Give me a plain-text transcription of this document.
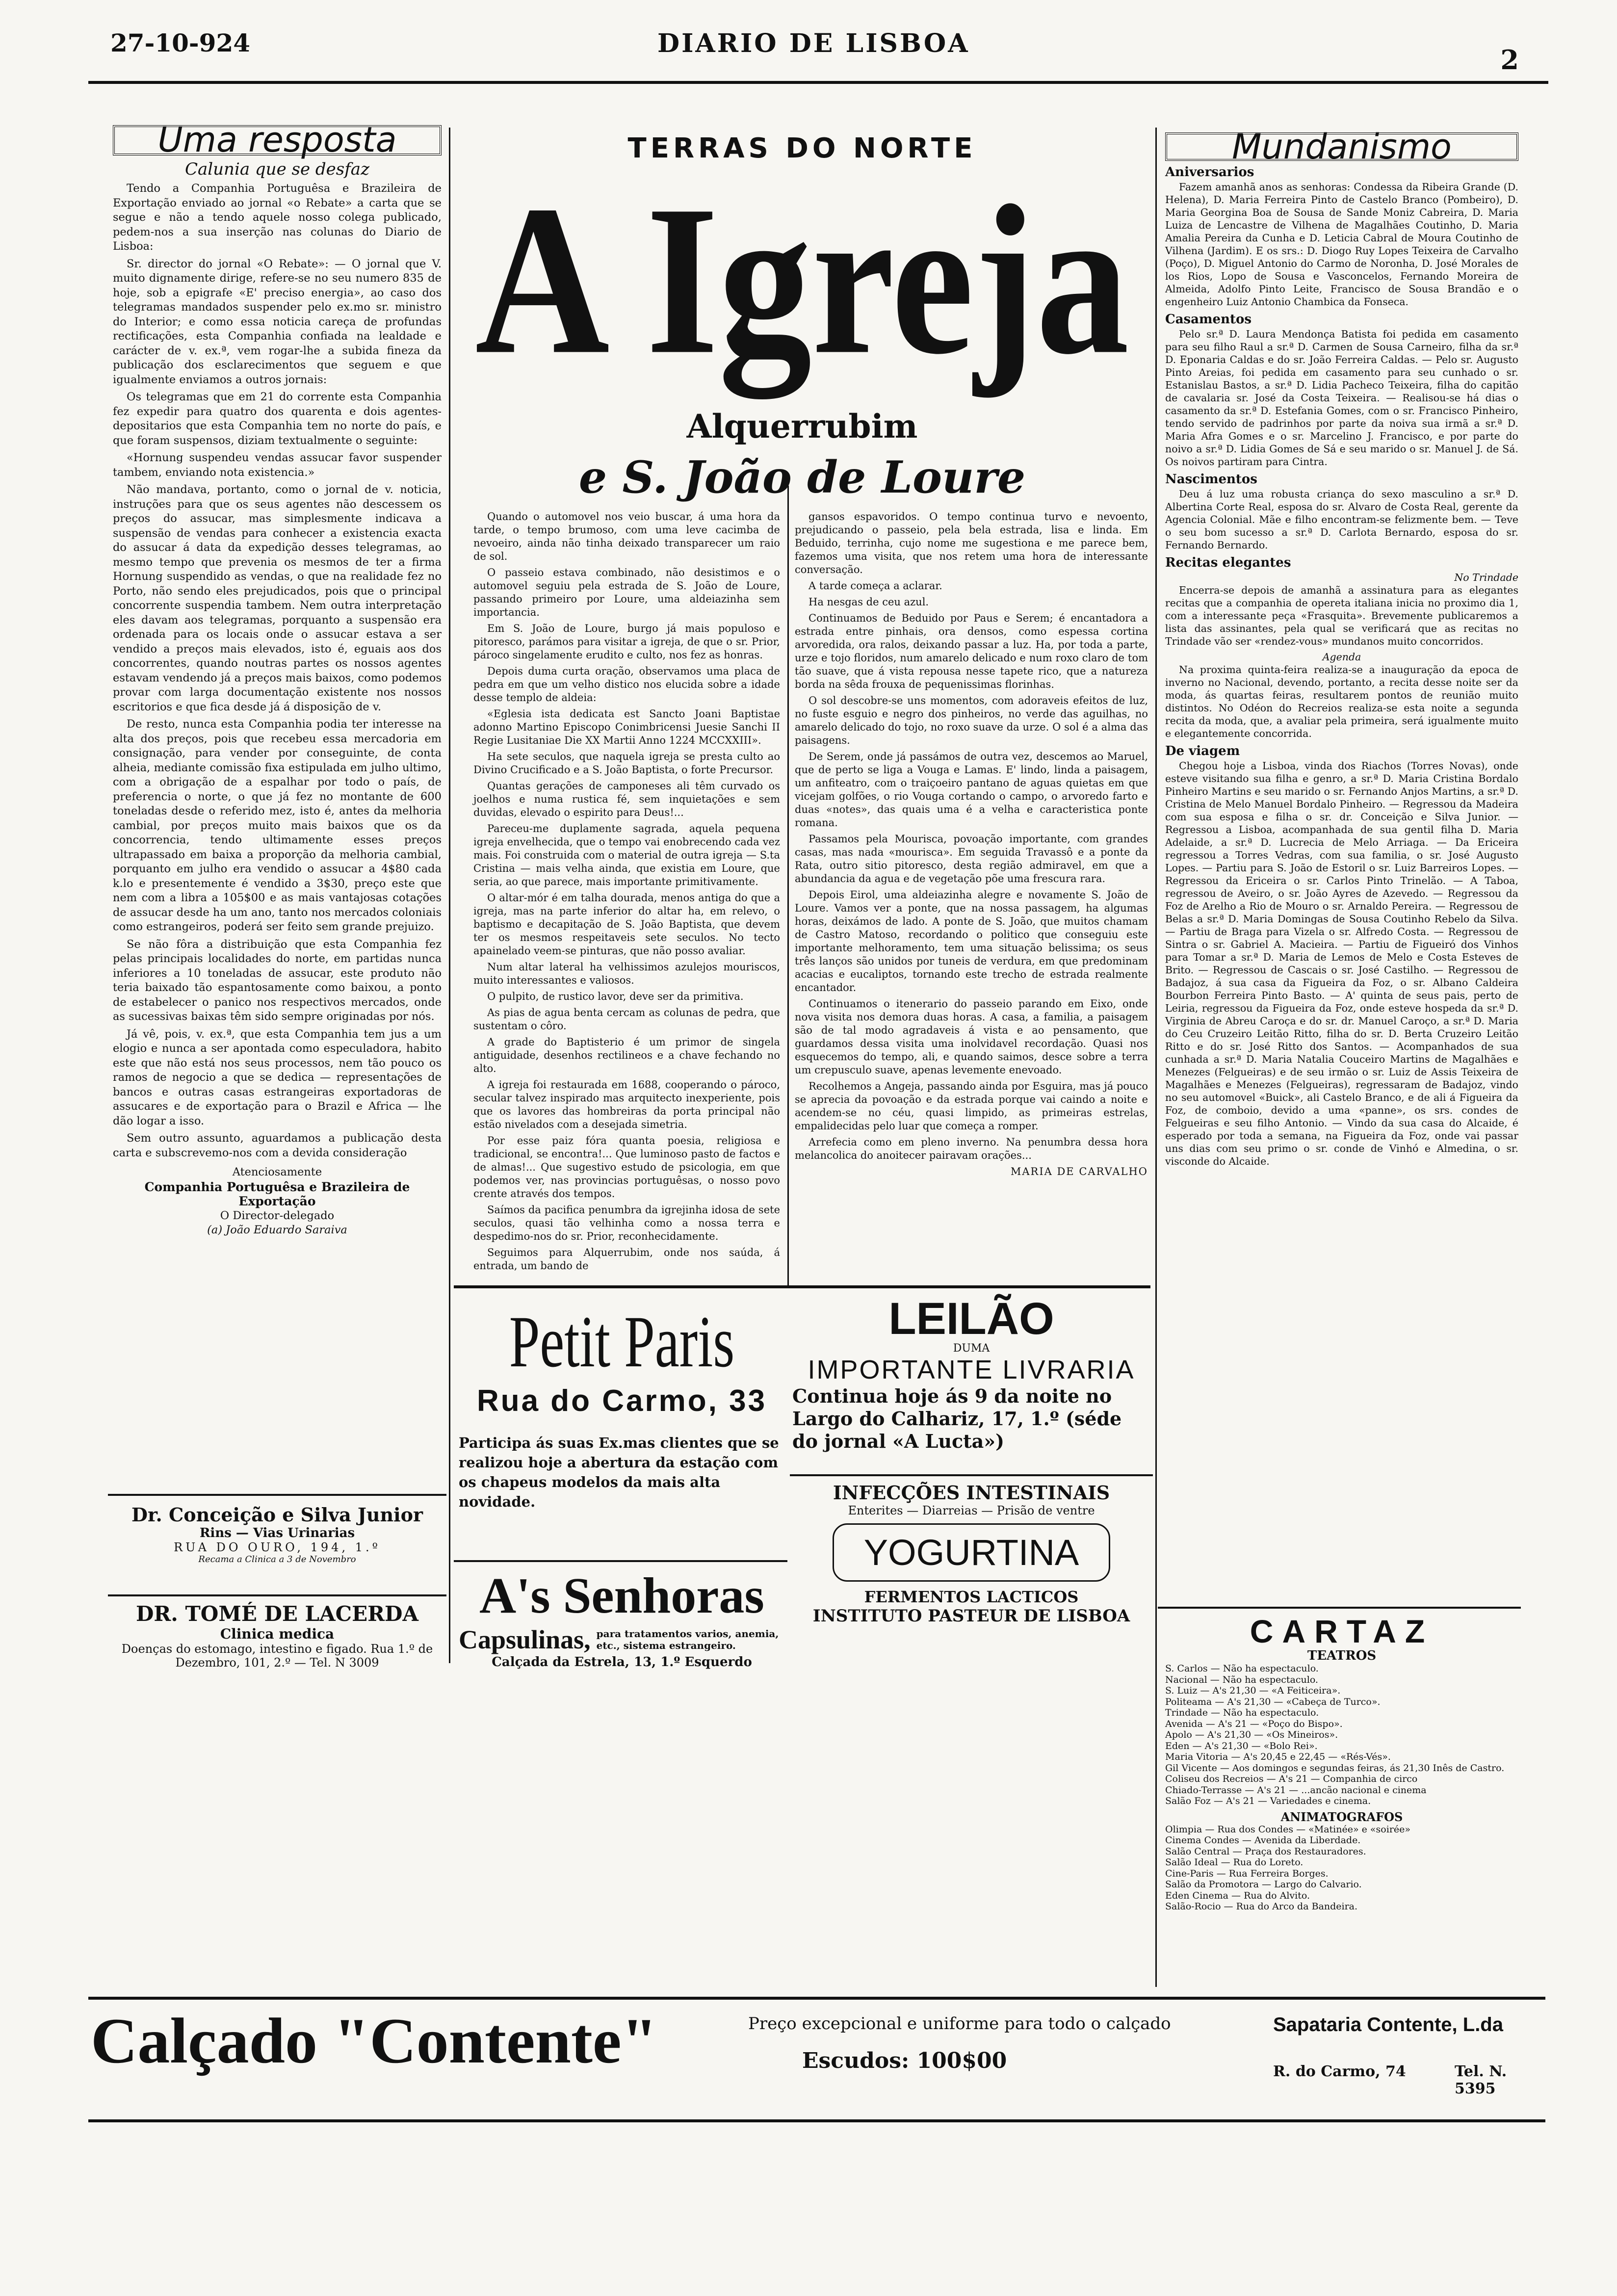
27-10-924	DIARIO DE LISBOA
2
Uma resposta
Calunia que se desfaz

Tendo a Companhia Portuguêsa e Brazileira de Exportação enviado ao jornal «o Rebate» a carta que se segue e não a tendo aquele nosso colega publicado, pedem-nos a sua inserção nas colunas do Diario de Lisboa:

Sr. director do jornal «O Rebate»: — O jornal que V. muito dignamente dirige, refere-se no seu numero 835 de hoje, sob a epigrafe «E' preciso energia», ao caso dos telegramas mandados suspender pelo ex.mo sr. ministro do Interior; e como essa noticia careça de profundas rectificações, esta Companhia confiada na lealdade e carácter de v. ex.ª, vem rogar-lhe a subida fineza da publicação dos esclarecimentos que seguem e que igualmente enviamos a outros jornais:

Os telegramas que em 21 do corrente esta Companhia fez expedir para quatro dos quarenta e dois agentes-depositarios que esta Companhia tem no norte do país, e que foram suspensos, diziam textualmente o seguinte:

«Hornung suspendeu vendas assucar favor suspender tambem, enviando nota existencia.»

Não mandava, portanto, como o jornal de v. noticia, instruções para que os seus agentes não descessem os preços do assucar, mas simplesmente indicava a suspensão de vendas para conhecer a existencia exacta do assucar á data da expedição desses telegramas, ao mesmo tempo que prevenia os mesmos de ter a firma Hornung suspendido as vendas, o que na realidade fez no Porto, não sendo eles prejudicados, pois que o principal concorrente suspendia tambem. Nem outra interpretação eles davam aos telegramas, porquanto a suspensão era ordenada para os locais onde o assucar estava a ser vendido a preços mais elevados, isto é, eguais aos dos concorrentes, quando noutras partes os nossos agentes estavam vendendo já a preços mais baixos, como podemos provar com larga documentação existente nos nossos escritorios e que fica desde já á disposição de v.

De resto, nunca esta Companhia podia ter interesse na alta dos preços, pois que recebeu essa mercadoria em consignação, para vender por conseguinte, de conta alheia, mediante comissão fixa estipulada em julho ultimo, com a obrigação de a espalhar por todo o país, de preferencia o norte, o que já fez no montante de 600 toneladas desde o referido mez, isto é, antes da melhoria cambial, por preços muito mais baixos que os da concorrencia, tendo ultimamente esses preços ultrapassado em baixa a proporção da melhoria cambial, porquanto em julho era vendido o assucar a 4$80 cada k.lo e presentemente é vendido a 3$30, preço este que nem com a libra a 105$00 e as mais vantajosas cotações de assucar desde ha um ano, tanto nos mercados coloniais como estrangeiros, poderá ser feito sem grande prejuizo.

Se não fôra a distribuição que esta Companhia fez pelas principais localidades do norte, em partidas nunca inferiores a 10 toneladas de assucar, este produto não teria baixado tão espantosamente como baixou, a ponto de estabelecer o panico nos respectivos mercados, onde as sucessivas baixas têm sido sempre originadas por nós.

Já vê, pois, v. ex.ª, que esta Companhia tem jus a um elogio e nunca a ser apontada como especuladora, habito este que não está nos seus processos, nem tão pouco os ramos de negocio a que se dedica — representações de bancos e outras casas estrangeiras exportadoras de assucares e de exportação para o Brazil e Africa — lhe dão logar a isso.

Sem outro assunto, aguardamos a publicação desta carta e subscrevemo-nos com a devida consideração

Atenciosamente
Companhia Portuguêsa e Brazileira de Exportação
O Director-delegado
(a) João Eduardo Saraiva
Dr. Conceição e Silva Junior
Rins — Vias Urinarias
RUA DO OURO, 194, 1.º
Recama a Clinica a 3 de Novembro
DR. TOMÉ DE LACERDA
Clinica medica
Doenças do estomago, intestino e figado. Rua 1.º de Dezembro, 101, 2.º — Tel. N 3009
TERRAS DO NORTE
A Igreja
Alquerrubim
e S. João de Loure

Quando o automovel nos veio buscar, á uma hora da tarde, o tempo brumoso, com uma leve cacimba de nevoeiro, ainda não tinha deixado transparecer um raio de sol.

O passeio estava combinado, não desistimos e o automovel seguiu pela estrada de S. João de Loure, passando primeiro por Loure, uma aldeiazinha sem importancia.

Em S. João de Loure, burgo já mais populoso e pitoresco, parámos para visitar a igreja, de que o sr. Prior, pároco singelamente erudito e culto, nos fez as honras.

Depois duma curta oração, observamos uma placa de pedra em que um velho distico nos elucida sobre a idade desse templo de aldeia:

«Eglesia ista dedicata est Sancto Joani Baptistae adonno Martino Episcopo Conimbricensi Juesie Sanchi II Regie Lusitaniae Die XX Martii Anno 1224 MCCXXIII».

Ha sete seculos, que naquela igreja se presta culto ao Divino Crucificado e a S. João Baptista, o forte Precursor.

Quantas gerações de camponeses ali têm curvado os joelhos e numa rustica fé, sem inquietações e sem duvidas, elevado o espirito para Deus!...

Pareceu-me duplamente sagrada, aquela pequena igreja envelhecida, que o tempo vai enobrecendo cada vez mais. Foi construida com o material de outra igreja — S.ta Cristina — mais velha ainda, que existia em Loure, que seria, ao que parece, mais importante primitivamente.

O altar-mór é em talha dourada, menos antiga do que a igreja, mas na parte inferior do altar ha, em relevo, o baptismo e decapitação de S. João Baptista, que devem ter os mesmos respeitaveis sete seculos. No tecto apainelado veem-se pinturas, que não posso avaliar.

Num altar lateral ha velhissimos azulejos mouriscos, muito interessantes e valiosos.

O pulpito, de rustico lavor, deve ser da primitiva.

As pias de agua benta cercam as colunas de pedra, que sustentam o côro.

A grade do Baptisterio é um primor de singela antiguidade, desenhos rectilineos e a chave fechando no alto.

A igreja foi restaurada em 1688, cooperando o pároco, secular talvez inspirado mas arquitecto inexperiente, pois que os lavores das hombreiras da porta principal não estão nivelados com a desejada simetria.

Por esse paiz fóra quanta poesia, religiosa e tradicional, se encontra!... Que luminoso pasto de factos e de almas!... Que sugestivo estudo de psicologia, em que podemos ver, nas provincias portuguêsas, o nosso povo crente através dos tempos.

Saímos da pacifica penumbra da igrejinha idosa de sete seculos, quasi tão velhinha como a nossa terra e despedimo-nos do sr. Prior, reconhecidamente.

Seguimos para Alquerrubim, onde nos saúda, á entrada, um bando de

gansos espavoridos. O tempo continua turvo e nevoento, prejudicando o passeio, pela bela estrada, lisa e linda. Em Beduido, terrinha, cujo nome me sugestiona e me parece bem, fazemos uma visita, que nos retem uma hora de interessante conversação.

A tarde começa a aclarar.

Ha nesgas de ceu azul.

Continuamos de Beduido por Paus e Serem; é encantadora a estrada entre pinhais, ora densos, como espessa cortina arvoredida, ora ralos, deixando passar a luz. Ha, por toda a parte, urze e tojo floridos, num amarelo delicado e num roxo claro de tom tão suave, que á vista repousa nesse tapete rico, que a natureza borda na sêda frouxa de pequenissimas florinhas.

O sol descobre-se uns momentos, com adoraveis efeitos de luz, no fuste esguio e negro dos pinheiros, no verde das aguilhas, no amarelo delicado do tojo, no roxo suave da urze. O sol é a alma das paisagens.

De Serem, onde já passámos de outra vez, descemos ao Maruel, que de perto se liga a Vouga e Lamas. E' lindo, linda a paisagem, um anfiteatro, com o traiçoeiro pantano de aguas quietas em que vicejam golfões, o rio Vouga cortando o campo, o arvoredo farto e duas «notes», das quais uma é a velha e caracteristica ponte romana.

Passamos pela Mourisca, povoação importante, com grandes casas, mas nada «mourisca». Em seguida Travassô e a ponte da Rata, outro sitio pitoresco, desta região admiravel, em que a abundancia da agua e de vegetação põe uma frescura rara.

Depois Eirol, uma aldeiazinha alegre e novamente S. João de Loure. Vamos ver a ponte, que na nossa passagem, ha algumas horas, deixámos de lado. A ponte de S. João, que muitos chamam de Castro Matoso, recordando o politico que conseguiu este importante melhoramento, tem uma situação belissima; os seus três lanços são unidos por tuneis de verdura, em que predominam acacias e eucaliptos, tornando este trecho de estrada realmente encantador.

Continuamos o itenerario do passeio parando em Eixo, onde nova visita nos demora duas horas. A casa, a familia, a paisagem são de tal modo agradaveis á vista e ao pensamento, que guardamos dessa visita uma inolvidavel recordação. Quasi nos esquecemos do tempo, ali, e quando saimos, desce sobre a terra um crepusculo suave, apenas levemente enevoado.

Recolhemos a Angeja, passando ainda por Esguira, mas já pouco se aprecia da povoação e da estrada porque vai caindo a noite e acendem-se no céu, quasi limpido, as primeiras estrelas, empalidecidas pelo luar que começa a romper.

Arrefecia como em pleno inverno. Na penumbra dessa hora melancolica do anoitecer pairavam orações...

MARIA DE CARVALHO
Petit Paris
Rua do Carmo, 33
Participa ás suas Ex.mas clientes que se realizou hoje a abertura da estação com os chapeus modelos da mais alta novidade.
A's Senhoras
Capsulinas, para tratamentos varios, anemia, etc., sistema estrangeiro.
Calçada da Estrela, 13, 1.º Esquerdo
LEILÃO
DUMA
IMPORTANTE LIVRARIA
Continua hoje ás 9 da noite no Largo do Calhariz, 17, 1.º (séde do jornal «A Lucta»)
INFECÇÕES INTESTINAIS
Enterites — Diarreias — Prisão de ventre
YOGURTINA
FERMENTOS LACTICOS
INSTITUTO PASTEUR DE LISBOA
Mundanismo
Aniversarios

Fazem amanhã anos as senhoras: Condessa da Ribeira Grande (D. Helena), D. Maria Ferreira Pinto de Castelo Branco (Pombeiro), D. Maria Georgina Boa de Sousa de Sande Moniz Cabreira, D. Maria Luiza de Lencastre de Vilhena de Magalhães Coutinho, D. Maria Amalia Pereira da Cunha e D. Leticia Cabral de Moura Coutinho de Vilhena (Jardim). E os srs.: D. Diogo Ruy Lopes Teixeira de Carvalho (Poço), D. Miguel Antonio do Carmo de Noronha, D. José Morales de los Rios, Lopo de Sousa e Vasconcelos, Fernando Moreira de Almeida, Adolfo Pinto Leite, Francisco de Sousa Brandão e o engenheiro Luiz Antonio Chambica da Fonseca.

Casamentos

Pelo sr.ª D. Laura Mendonça Batista foi pedida em casamento para seu filho Raul a sr.ª D. Carmen de Sousa Carneiro, filha da sr.ª D. Eponaria Caldas e do sr. João Ferreira Caldas. — Pelo sr. Augusto Pinto Areias, foi pedida em casamento para seu cunhado o sr. Estanislau Bastos, a sr.ª D. Lidia Pacheco Teixeira, filha do capitão de cavalaria sr. José da Costa Teixeira. — Realisou-se há dias o casamento da sr.ª D. Estefania Gomes, com o sr. Francisco Pinheiro, tendo servido de padrinhos por parte da noiva sua irmã a sr.ª D. Maria Afra Gomes e o sr. Marcelino J. Francisco, e por parte do noivo a sr.ª D. Lidia Gomes de Sá e seu marido o sr. Manuel J. de Sá. Os noivos partiram para Cintra.

Nascimentos

Deu á luz uma robusta criança do sexo masculino a sr.ª D. Albertina Corte Real, esposa do sr. Alvaro de Costa Real, gerente da Agencia Colonial. Mãe e filho encontram-se felizmente bem. — Teve o seu bom sucesso a sr.ª D. Carlota Bernardo, esposa do sr. Fernando Bernardo.

Recitas elegantes
No Trindade

Encerra-se depois de amanhã a assinatura para as elegantes recitas que a companhia de opereta italiana inicia no proximo dia 1, com a interessante peça «Frasquita». Brevemente publicaremos a lista das assinantes, pela qual se verificará que as recitas no Trindade vão ser «rendez-vous» mundanos muito concorridos.

Agenda

Na proxima quinta-feira realiza-se a inauguração da epoca de inverno no Nacional, devendo, portanto, a recita desse noite ser da moda, ás quartas feiras, resultarem pontos de reunião muito distintos. No Odéon do Recreios realiza-se esta noite a segunda recita da moda, que, a avaliar pela primeira, será igualmente muito e elegantemente concorrida.

De viagem

Chegou hoje a Lisboa, vinda dos Riachos (Torres Novas), onde esteve visitando sua filha e genro, a sr.ª D. Maria Cristina Bordalo Pinheiro Martins e seu marido o sr. Fernando Anjos Martins, a sr.ª D. Cristina de Melo Manuel Bordalo Pinheiro. — Regressou da Madeira com sua esposa e filha o sr. dr. Conceição e Silva Junior. — Regressou a Lisboa, acompanhada de sua gentil filha D. Maria Adelaide, a sr.ª D. Lucrecia de Melo Arriaga. — Da Ericeira regressou a Torres Vedras, com sua familia, o sr. José Augusto Lopes. — Partiu para S. João de Estoril o sr. Luiz Barreiros Lopes. — Regressou da Ericeira o sr. Carlos Pinto Trinelão. — A Taboa, regressou de Aveiro, o sr. João Ayres de Azevedo. — Regressou da Foz de Arelho a Rio de Mouro o sr. Arnaldo Pereira. — Regressou de Belas a sr.ª D. Maria Domingas de Sousa Coutinho Rebelo da Silva. — Partiu de Braga para Vizela o sr. Alfredo Costa. — Regressou de Sintra o sr. Gabriel A. Macieira. — Partiu de Figueiró dos Vinhos para Tomar a sr.ª D. Maria de Lemos de Melo e Costa Esteves de Brito. — Regressou de Cascais o sr. José Castilho. — Regressou de Badajoz, á sua casa da Figueira da Foz, o sr. Albano Caldeira Bourbon Ferreira Pinto Basto. — A' quinta de seus pais, perto de Leiria, regressou da Figueira da Foz, onde esteve hospeda da sr.ª D. Virginia de Abreu Caroça e do sr. dr. Manuel Caroço, a sr.ª D. Maria do Ceu Cruzeiro Leitão Ritto, filha do sr. D. Berta Cruzeiro Leitão Ritto e do sr. José Ritto dos Santos. — Acompanhados de sua cunhada a sr.ª D. Maria Natalia Couceiro Martins de Magalhães e Menezes (Felgueiras) e de seu irmão o sr. Luiz de Assis Teixeira de Magalhães e Menezes (Felgueiras), regressaram de Badajoz, vindo no seu automovel «Buick», ali Castelo Branco, e de ali á Figueira da Foz, de comboio, devido a uma «panne», os srs. condes de Felgueiras e seu filho Antonio. — Vindo da sua casa do Alcaide, é esperado por toda a semana, na Figueira da Foz, onde vai passar uns dias com seu primo o sr. conde de Vinhó e Almedina, o sr. visconde do Alcaide.

CARTAZ
TEATROS
S. Carlos — Não ha espectaculo.
Nacional — Não ha espectaculo.
S. Luiz — A's 21,30 — «A Feiticeira».
Politeama — A's 21,30 — «Cabeça de Turco».
Trindade — Não ha espectaculo.
Avenida — A's 21 — «Poço do Bispo».
Apolo — A's 21,30 — «Os Mineiros».
Eden — A's 21,30 — «Bolo Rei».
Maria Vitoria — A's 20,45 e 22,45 — «Rés-Vés».
Gil Vicente — Aos domingos e segundas feiras, ás 21,30 Inês de Castro.
Coliseu dos Recreios — A's 21 — Companhia de circo
Chiado-Terrasse — A's 21 — ...ancão nacional e cinema
Salão Foz — A's 21 — Variedades e cinema.
ANIMATOGRAFOS
Olimpia — Rua dos Condes — «Matinée» e «soirée»
Cinema Condes — Avenida da Liberdade.
Salão Central — Praça dos Restauradores.
Salão Ideal — Rua do Loreto.
Cine-Paris — Rua Ferreira Borges.
Salão da Promotora — Largo do Calvario.
Eden Cinema — Rua do Alvito.
Salão-Rocio — Rua do Arco da Bandeira.
Calçado "Contente"	Preço excepcional e uniforme para todo o calçado
Escudos: 100$00
Sapataria Contente, L.da
R. do Carmo, 74	Tel. N. 5395
